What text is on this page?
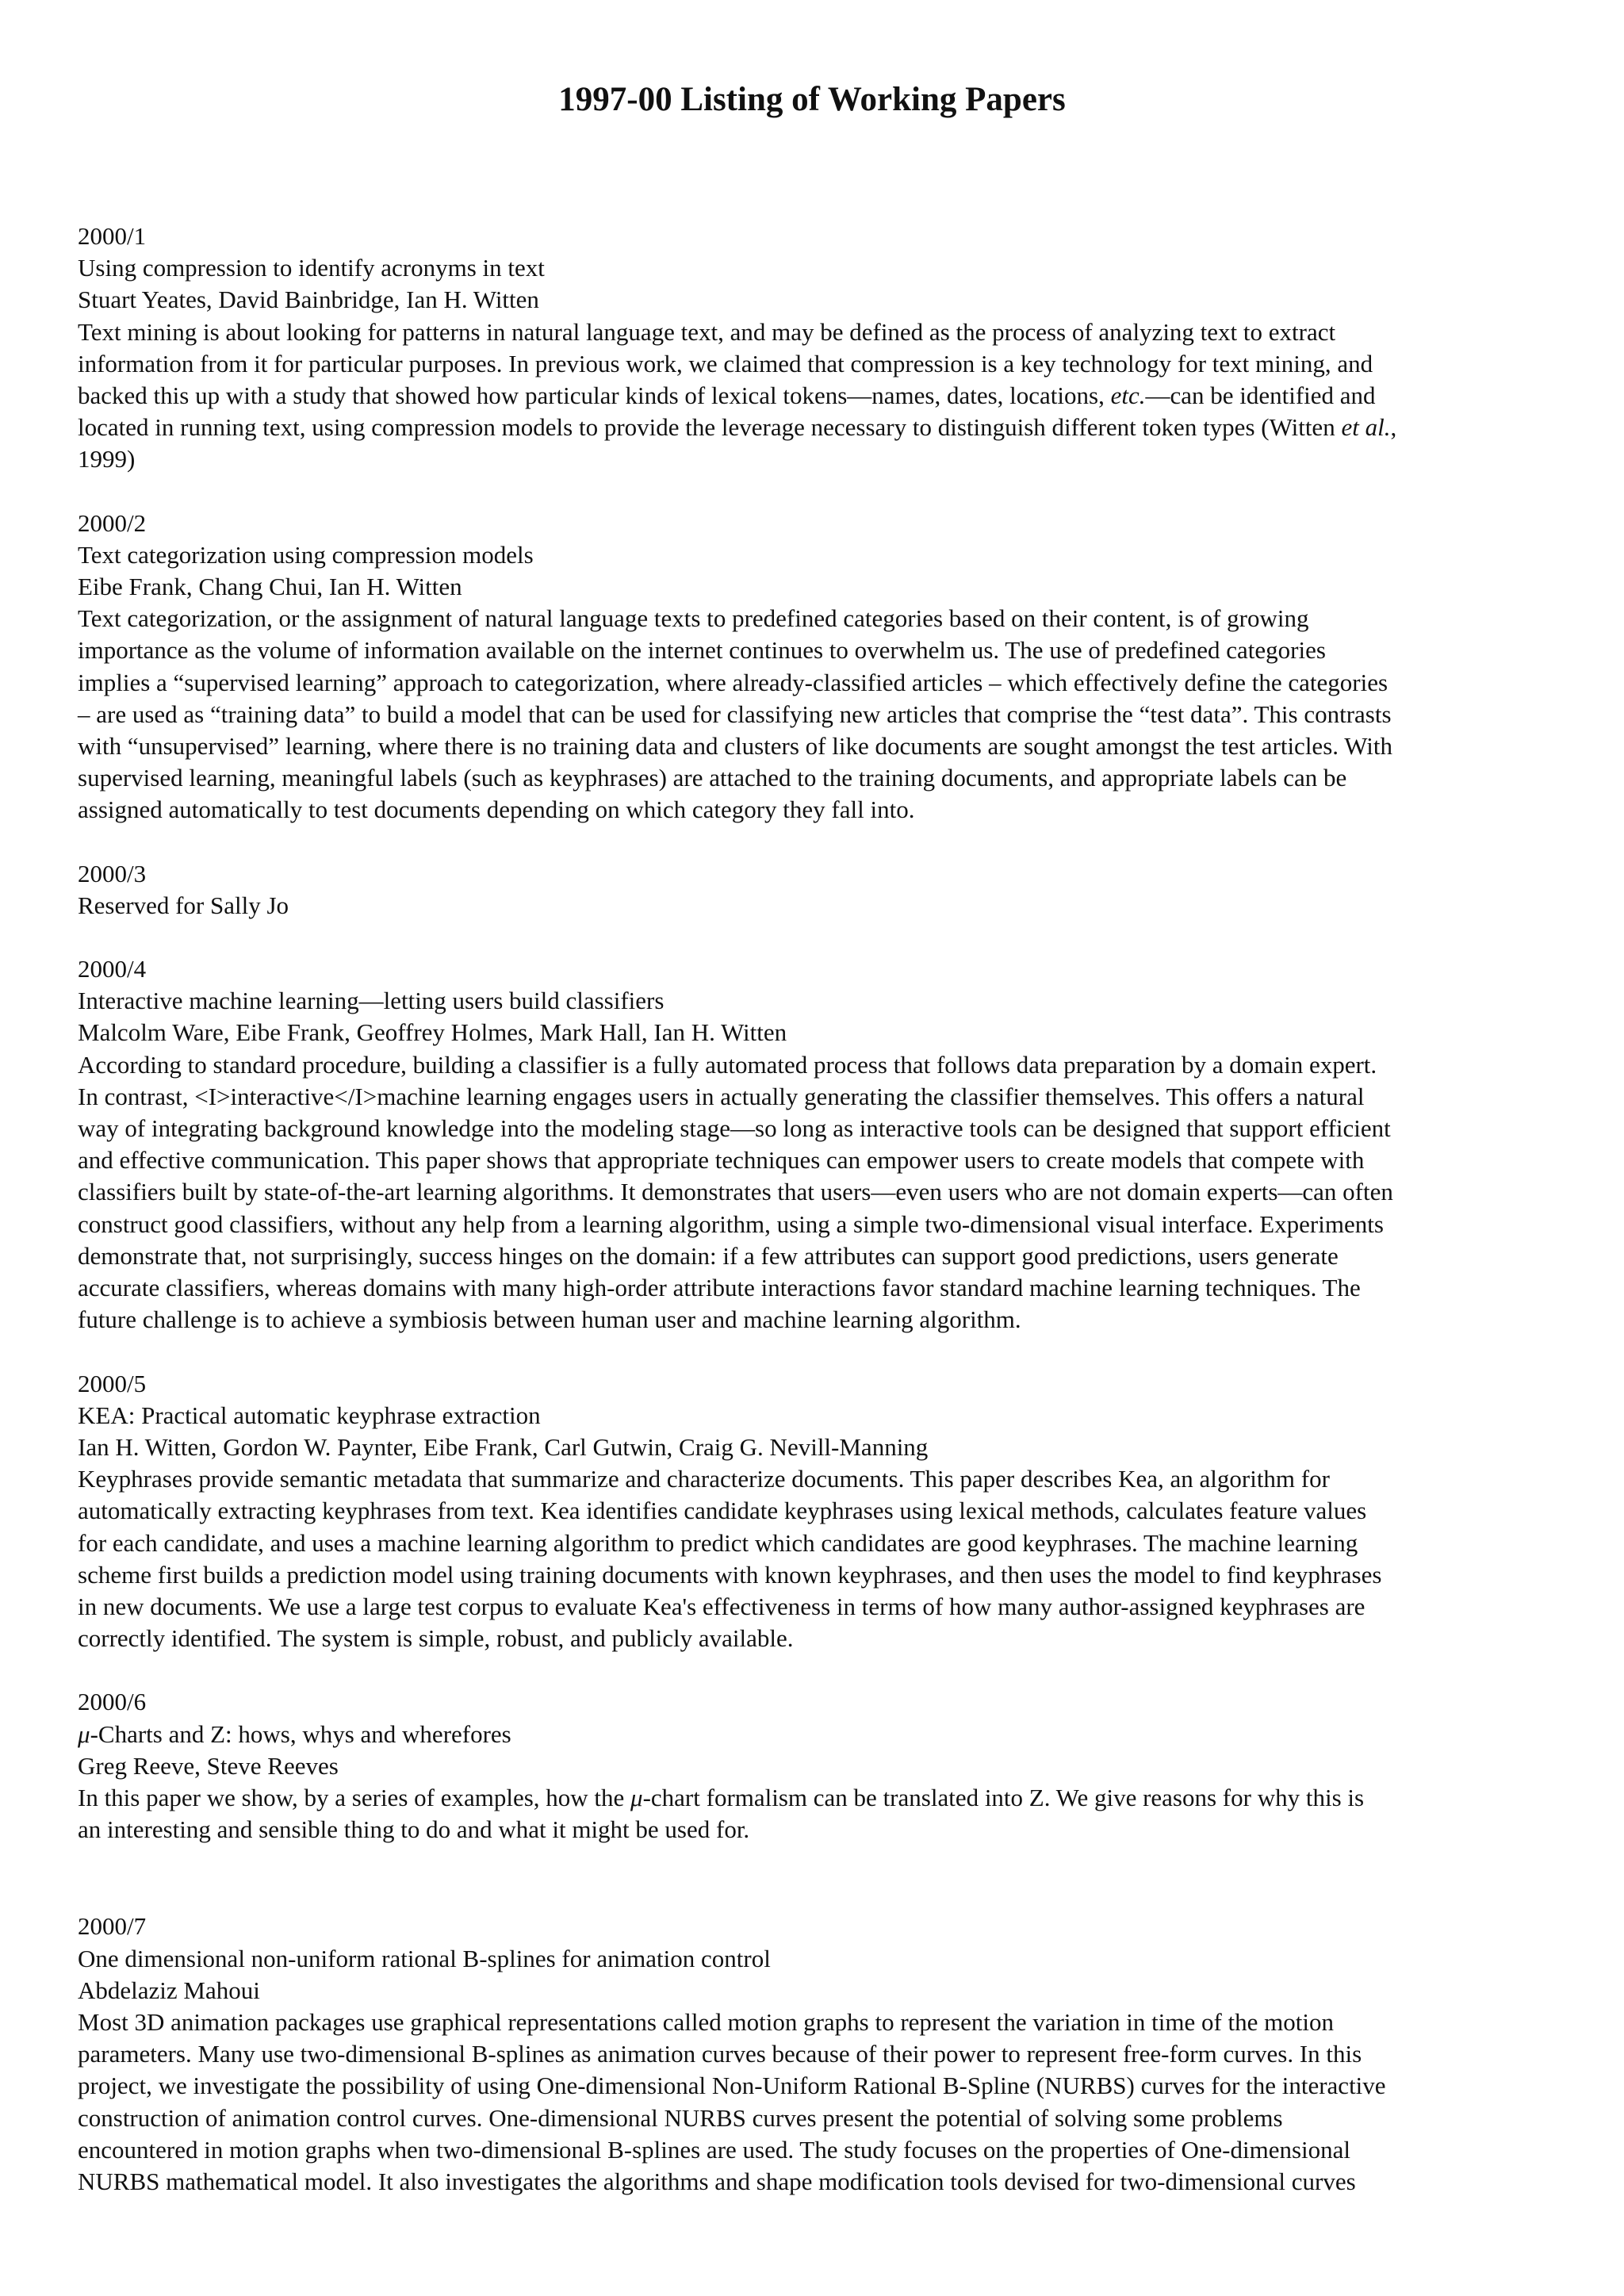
1997-00 Listing of Working Papers
2000/1
Using compression to identify acronyms in text
Stuart Yeates, David Bainbridge, Ian H. Witten
Text mining is about looking for patterns in natural language text, and may be defined as the process of analyzing text to extract
information from it for particular purposes. In previous work, we claimed that compression is a key technology for text mining, and
backed this up with a study that showed how particular kinds of lexical tokens—names, dates, locations, etc.—can be identified and
located in running text, using compression models to provide the leverage necessary to distinguish different token types (Witten et al.,
1999)
2000/2
Text categorization using compression models
Eibe Frank, Chang Chui, Ian H. Witten
Text categorization, or the assignment of natural language texts to predefined categories based on their content, is of growing
importance as the volume of information available on the internet continues to overwhelm us. The use of predefined categories
implies a “supervised learning” approach to categorization, where already-classified articles – which effectively define the categories
– are used as “training data” to build a model that can be used for classifying new articles that comprise the “test data”. This contrasts
with “unsupervised” learning, where there is no training data and clusters of like documents are sought amongst the test articles. With
supervised learning, meaningful labels (such as keyphrases) are attached to the training documents, and appropriate labels can be
assigned automatically to test documents depending on which category they fall into.
2000/3
Reserved for Sally Jo
2000/4
Interactive machine learning—letting users build classifiers
Malcolm Ware, Eibe Frank, Geoffrey Holmes, Mark Hall, Ian H. Witten
According to standard procedure, building a classifier is a fully automated process that follows data preparation by a domain expert.
In contrast, <I>interactive</I>machine learning engages users in actually generating the classifier themselves. This offers a natural
way of integrating background knowledge into the modeling stage—so long as interactive tools can be designed that support efficient
and effective communication. This paper shows that appropriate techniques can empower users to create models that compete with
classifiers built by state-of-the-art learning algorithms. It demonstrates that users—even users who are not domain experts—can often
construct good classifiers, without any help from a learning algorithm, using a simple two-dimensional visual interface. Experiments
demonstrate that, not surprisingly, success hinges on the domain: if a few attributes can support good predictions, users generate
accurate classifiers, whereas domains with many high-order attribute interactions favor standard machine learning techniques. The
future challenge is to achieve a symbiosis between human user and machine learning algorithm.
2000/5
KEA: Practical automatic keyphrase extraction
Ian H. Witten, Gordon W. Paynter, Eibe Frank, Carl Gutwin, Craig G. Nevill-Manning
Keyphrases provide semantic metadata that summarize and characterize documents. This paper describes Kea, an algorithm for
automatically extracting keyphrases from text. Kea identifies candidate keyphrases using lexical methods, calculates feature values
for each candidate, and uses a machine learning algorithm to predict which candidates are good keyphrases. The machine learning
scheme first builds a prediction model using training documents with known keyphrases, and then uses the model to find keyphrases
in new documents. We use a large test corpus to evaluate Kea's effectiveness in terms of how many author-assigned keyphrases are
correctly identified. The system is simple, robust, and publicly available.
2000/6
μ-Charts and Z: hows, whys and wherefores
Greg Reeve, Steve Reeves
In this paper we show, by a series of examples, how the μ-chart formalism can be translated into Z. We give reasons for why this is
an interesting and sensible thing to do and what it might be used for.
2000/7
One dimensional non-uniform rational B-splines for animation control
Abdelaziz Mahoui
Most 3D animation packages use graphical representations called motion graphs to represent the variation in time of the motion
parameters. Many use two-dimensional B-splines as animation curves because of their power to represent free-form curves. In this
project, we investigate the possibility of using One-dimensional Non-Uniform Rational B-Spline (NURBS) curves for the interactive
construction of animation control curves. One-dimensional NURBS curves present the potential of solving some problems
encountered in motion graphs when two-dimensional B-splines are used. The study focuses on the properties of One-dimensional
NURBS mathematical model. It also investigates the algorithms and shape modification tools devised for two-dimensional curves
